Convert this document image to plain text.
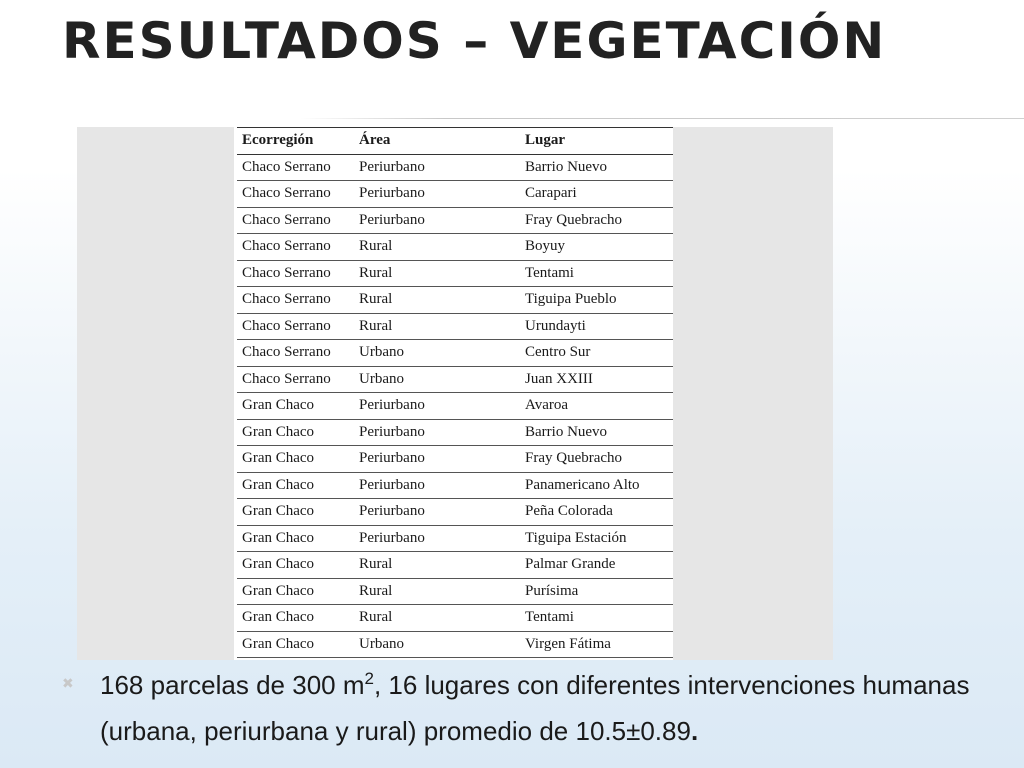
RESULTADOS – VEGETACIÓN
Ecorregión	Área	Lugar
Chaco Serrano	Periurbano	Barrio Nuevo
Chaco Serrano	Periurbano	Carapari
Chaco Serrano	Periurbano	Fray Quebracho
Chaco Serrano	Rural	Boyuy
Chaco Serrano	Rural	Tentami
Chaco Serrano	Rural	Tiguipa Pueblo
Chaco Serrano	Rural	Urundayti
Chaco Serrano	Urbano	Centro Sur
Chaco Serrano	Urbano	Juan XXIII
Gran Chaco	Periurbano	Avaroa
Gran Chaco	Periurbano	Barrio Nuevo
Gran Chaco	Periurbano	Fray Quebracho
Gran Chaco	Periurbano	Panamericano Alto
Gran Chaco	Periurbano	Peña Colorada
Gran Chaco	Periurbano	Tiguipa Estación
Gran Chaco	Rural	Palmar Grande
Gran Chaco	Rural	Purísima
Gran Chaco	Rural	Tentami
Gran Chaco	Urbano	Virgen Fátima
✖ 168 parcelas de 300 $m^2$, 16 lugares con diferentes intervenciones humanas (urbana, periurbana y rural) promedio de 10.5±0.89.
